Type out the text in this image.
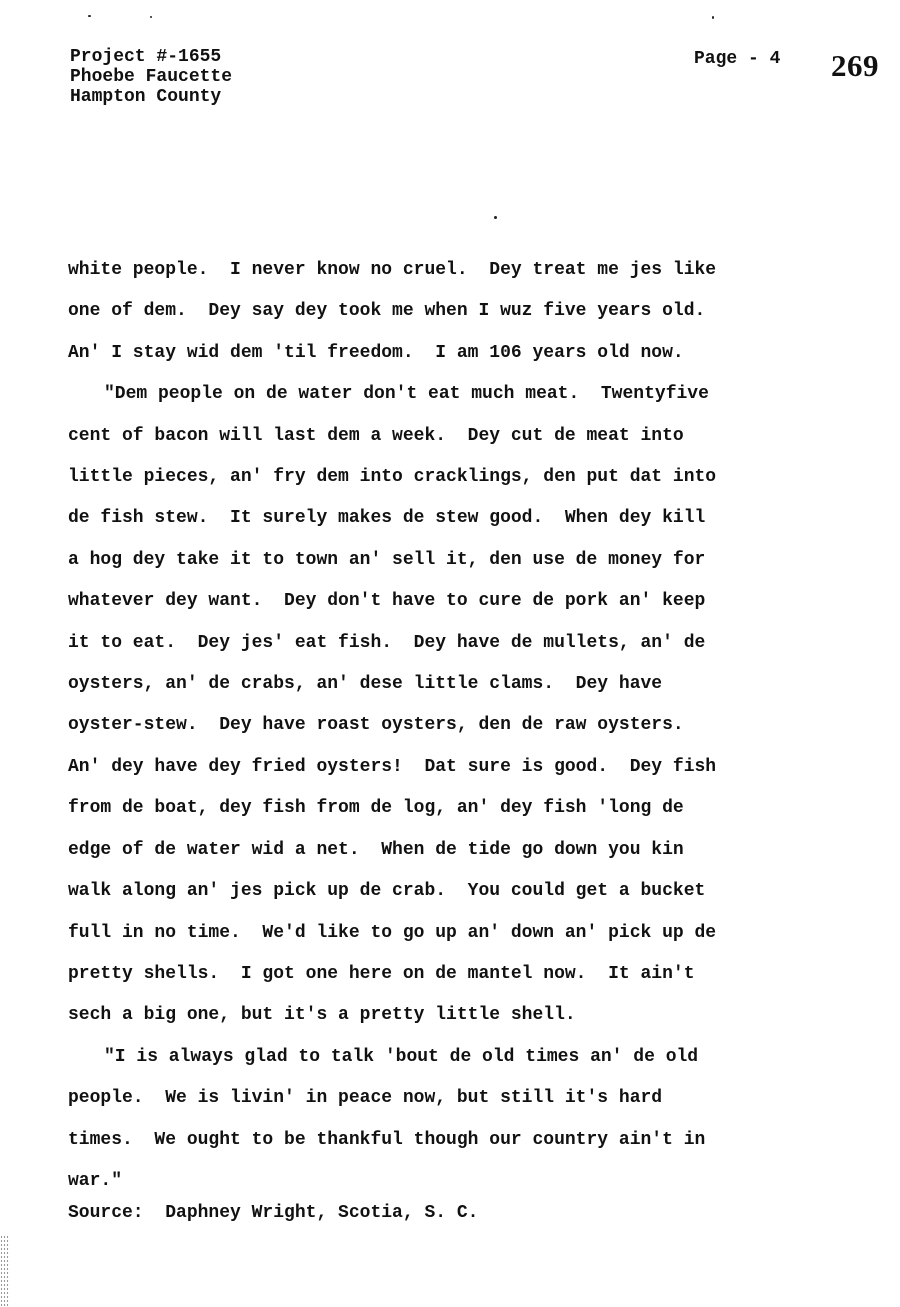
Project #-1655
Phoebe Faucette
Hampton County
Page - 4 269
white people.  I never know no cruel.  Dey treat me jes like
one of dem.  Dey say dey took me when I wuz five years old.
An' I stay wid dem 'til freedom.  I am 106 years old now.
"Dem people on de water don't eat much meat.  Twentyfive
cent of bacon will last dem a week.  Dey cut de meat into
little pieces, an' fry dem into cracklings, den put dat into
de fish stew.  It surely makes de stew good.  When dey kill
a hog dey take it to town an' sell it, den use de money for
whatever dey want.  Dey don't have to cure de pork an' keep
it to eat.  Dey jes' eat fish.  Dey have de mullets, an' de
oysters, an' de crabs, an' dese little clams.  Dey have
oyster-stew.  Dey have roast oysters, den de raw oysters.
An' dey have dey fried oysters!  Dat sure is good.  Dey fish
from de boat, dey fish from de log, an' dey fish 'long de
edge of de water wid a net.  When de tide go down you kin
walk along an' jes pick up de crab.  You could get a bucket
full in no time.  We'd like to go up an' down an' pick up de
pretty shells.  I got one here on de mantel now.  It ain't
sech a big one, but it's a pretty little shell.
"I is always glad to talk 'bout de old times an' de old
people.  We is livin' in peace now, but still it's hard
times.  We ought to be thankful though our country ain't in
war."
Source:  Daphney Wright, Scotia, S. C.
